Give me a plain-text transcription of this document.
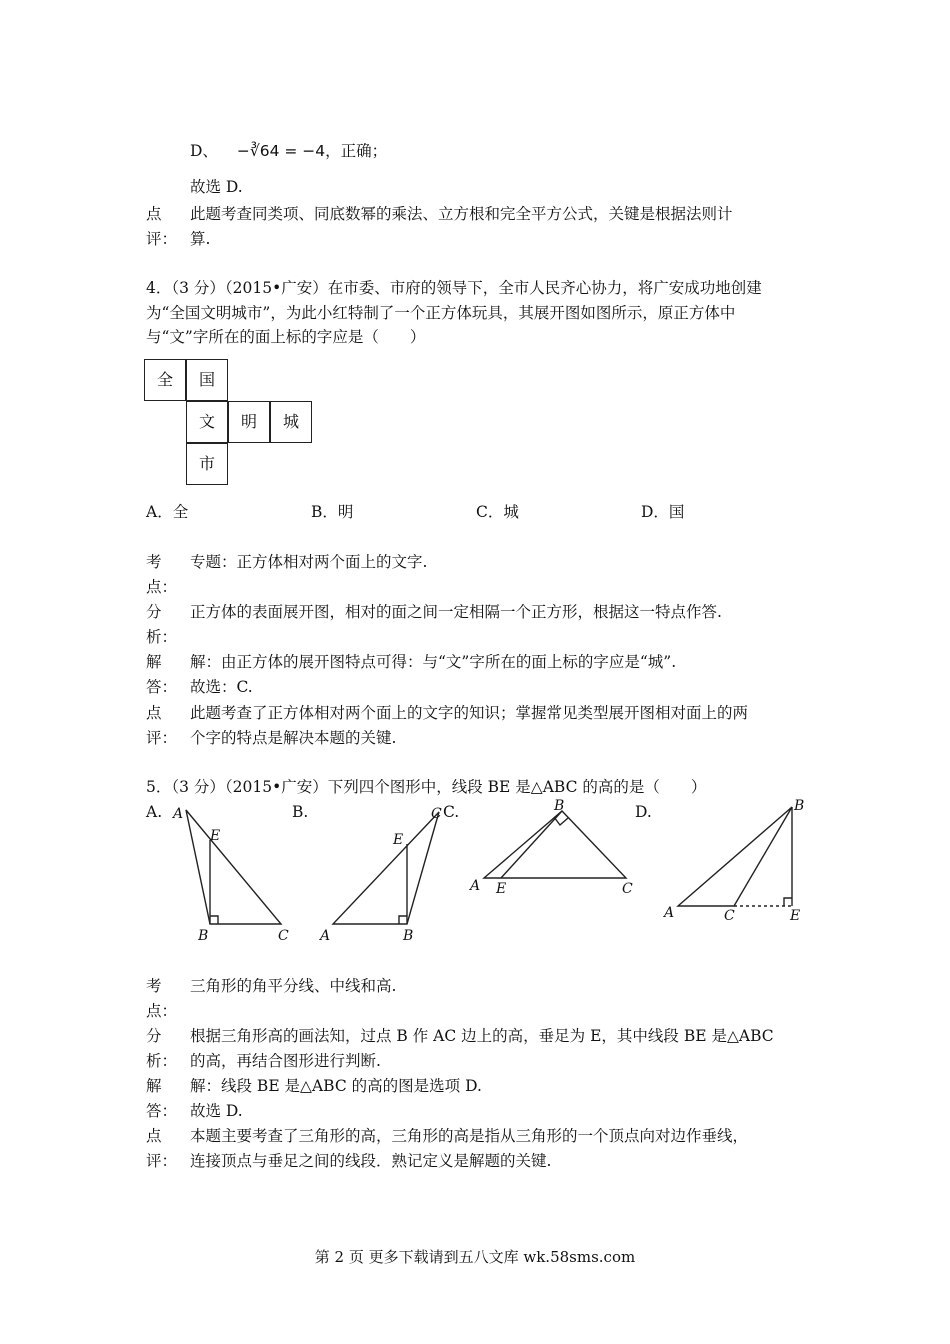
D、 −∛64 = −4，正确；
故选 D.
点评：
此题考查同类项、同底数幂的乘法、立方根和完全平方公式，关键是根据法则计
算.
4．（3 分）（2015•广安）在市委、市府的领导下，全市人民齐心协力，将广安成功地创建
为“全国文明城市”，为此小红特制了一个正方体玩具，其展开图如图所示，原正方体中
与“文”字所在的面上标的字应是（　　）
全	国
文	明	城
市
A．全	B．明	C．城	D．国
考点：
专题：正方体相对两个面上的文字.
分析：
正方体的表面展开图，相对的面之间一定相隔一个正方形，根据这一特点作答.
解答：
解：由正方体的展开图特点可得：与“文”字所在的面上标的字应是“城”.
故选：C.
点评：
此题考查了正方体相对两个面上的文字的知识；掌握常见类型展开图相对面上的两
个字的特点是解决本题的关键.
5．（3 分）（2015•广安）下列四个图形中，线段 BE 是△ABC 的高的是（　　）
A.	B.	C.	D.
A
E
B	C
C
E
A	B
B
A E	C
B
A	C	E
考点：
三角形的角平分线、中线和高.
分析：
根据三角形高的画法知，过点 B 作 AC 边上的高，垂足为 E，其中线段 BE 是△ABC
的高，再结合图形进行判断.
解答：
解：线段 BE 是△ABC 的高的图是选项 D.
故选 D.
点评：
本题主要考查了三角形的高，三角形的高是指从三角形的一个顶点向对边作垂线，
连接顶点与垂足之间的线段．熟记定义是解题的关键.
第 2 页 更多下载请到五八文库 wk.58sms.com
